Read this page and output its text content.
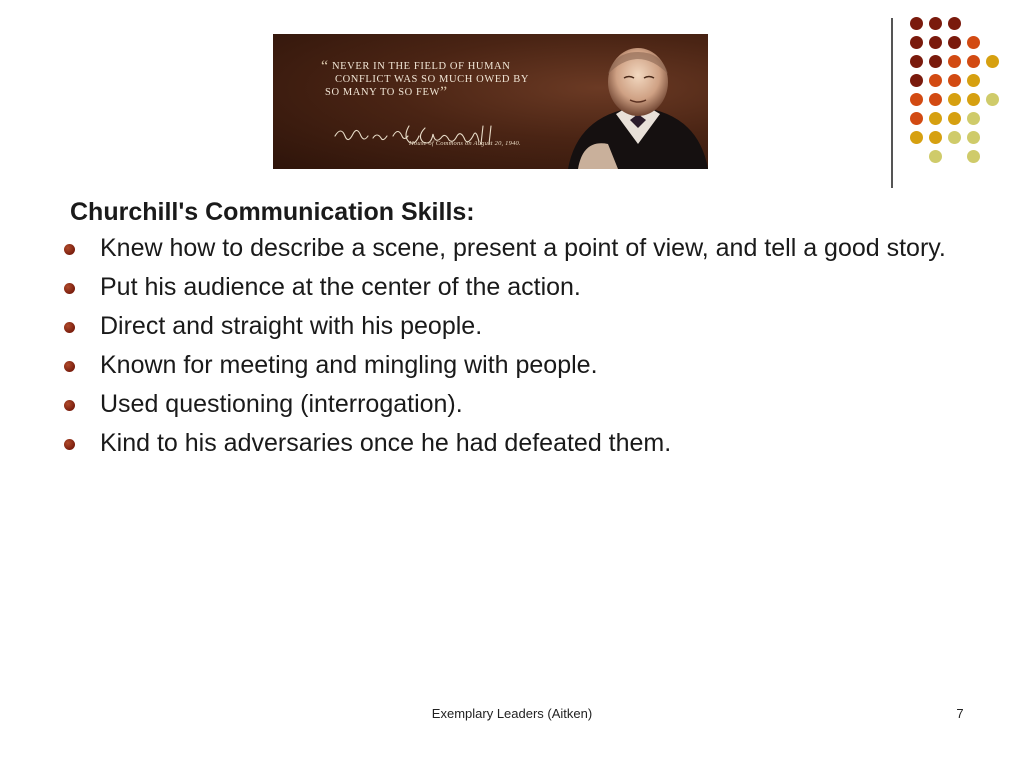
“ NEVER IN THE FIELD OF HUMAN
CONFLICT WAS SO MUCH OWED BY
SO MANY TO SO FEW”
House of Commons on August 20, 1940.
Churchill's Communication Skills:
Knew how to describe a scene, present a point of view, and tell a good story.
Put his audience at the center of the action.
Direct and straight with his people.
Known for meeting and mingling with people.
Used questioning (interrogation).
Kind to his adversaries once he had defeated them.
Exemplary Leaders (Aitken)	7
